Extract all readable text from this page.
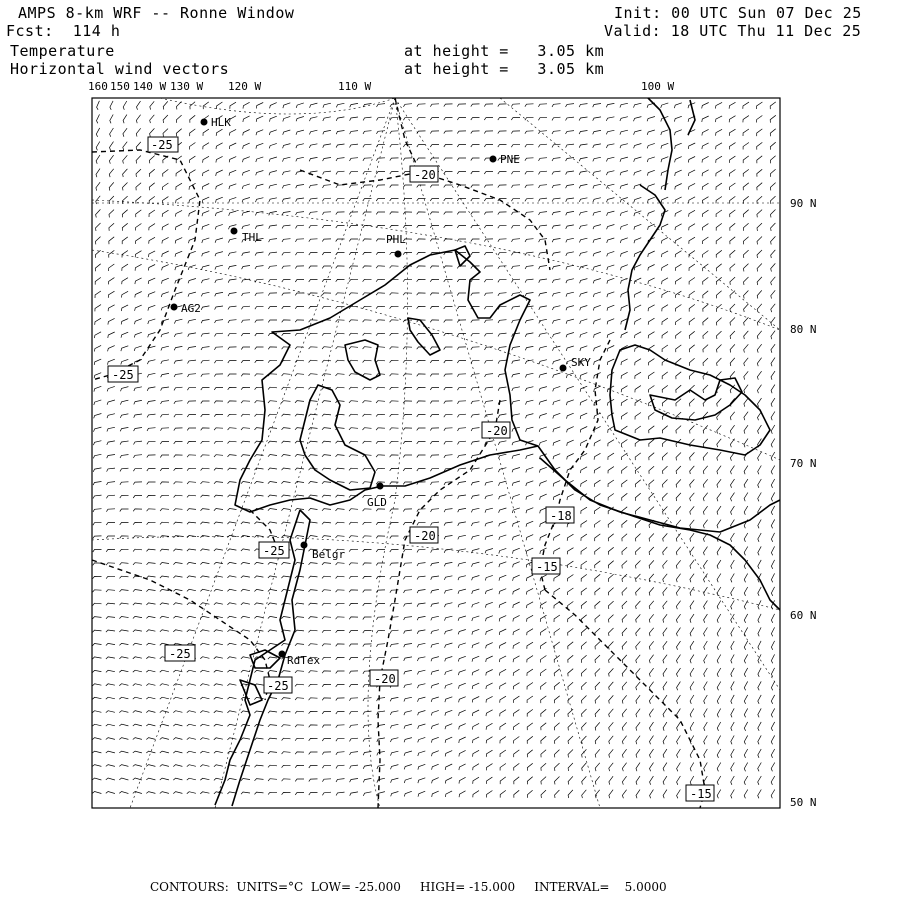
AMPS 8-km WRF -- Ronne Window
Fcst:  114 h
Init: 00 UTC Sun 07 Dec 25
Valid: 18 UTC Thu 11 Dec 25
Temperature	at height =   3.05 km
Horizontal wind vectors	at height =   3.05 km
-25
-20
-25
-20
-18
-15
-25
-20
-25
-25	-20
-15
HLK
PNE
THL	PHL
AG2
SKY
GLD
Belgr
RdTex
160 150 140 W 130 W 120 W	110 W	100 W
90 N
80 N
70 N
60 N
50 N
CONTOURS:  UNITS=°C  LOW= -25.000 HIGH= -15.000 INTERVAL=    5.0000
